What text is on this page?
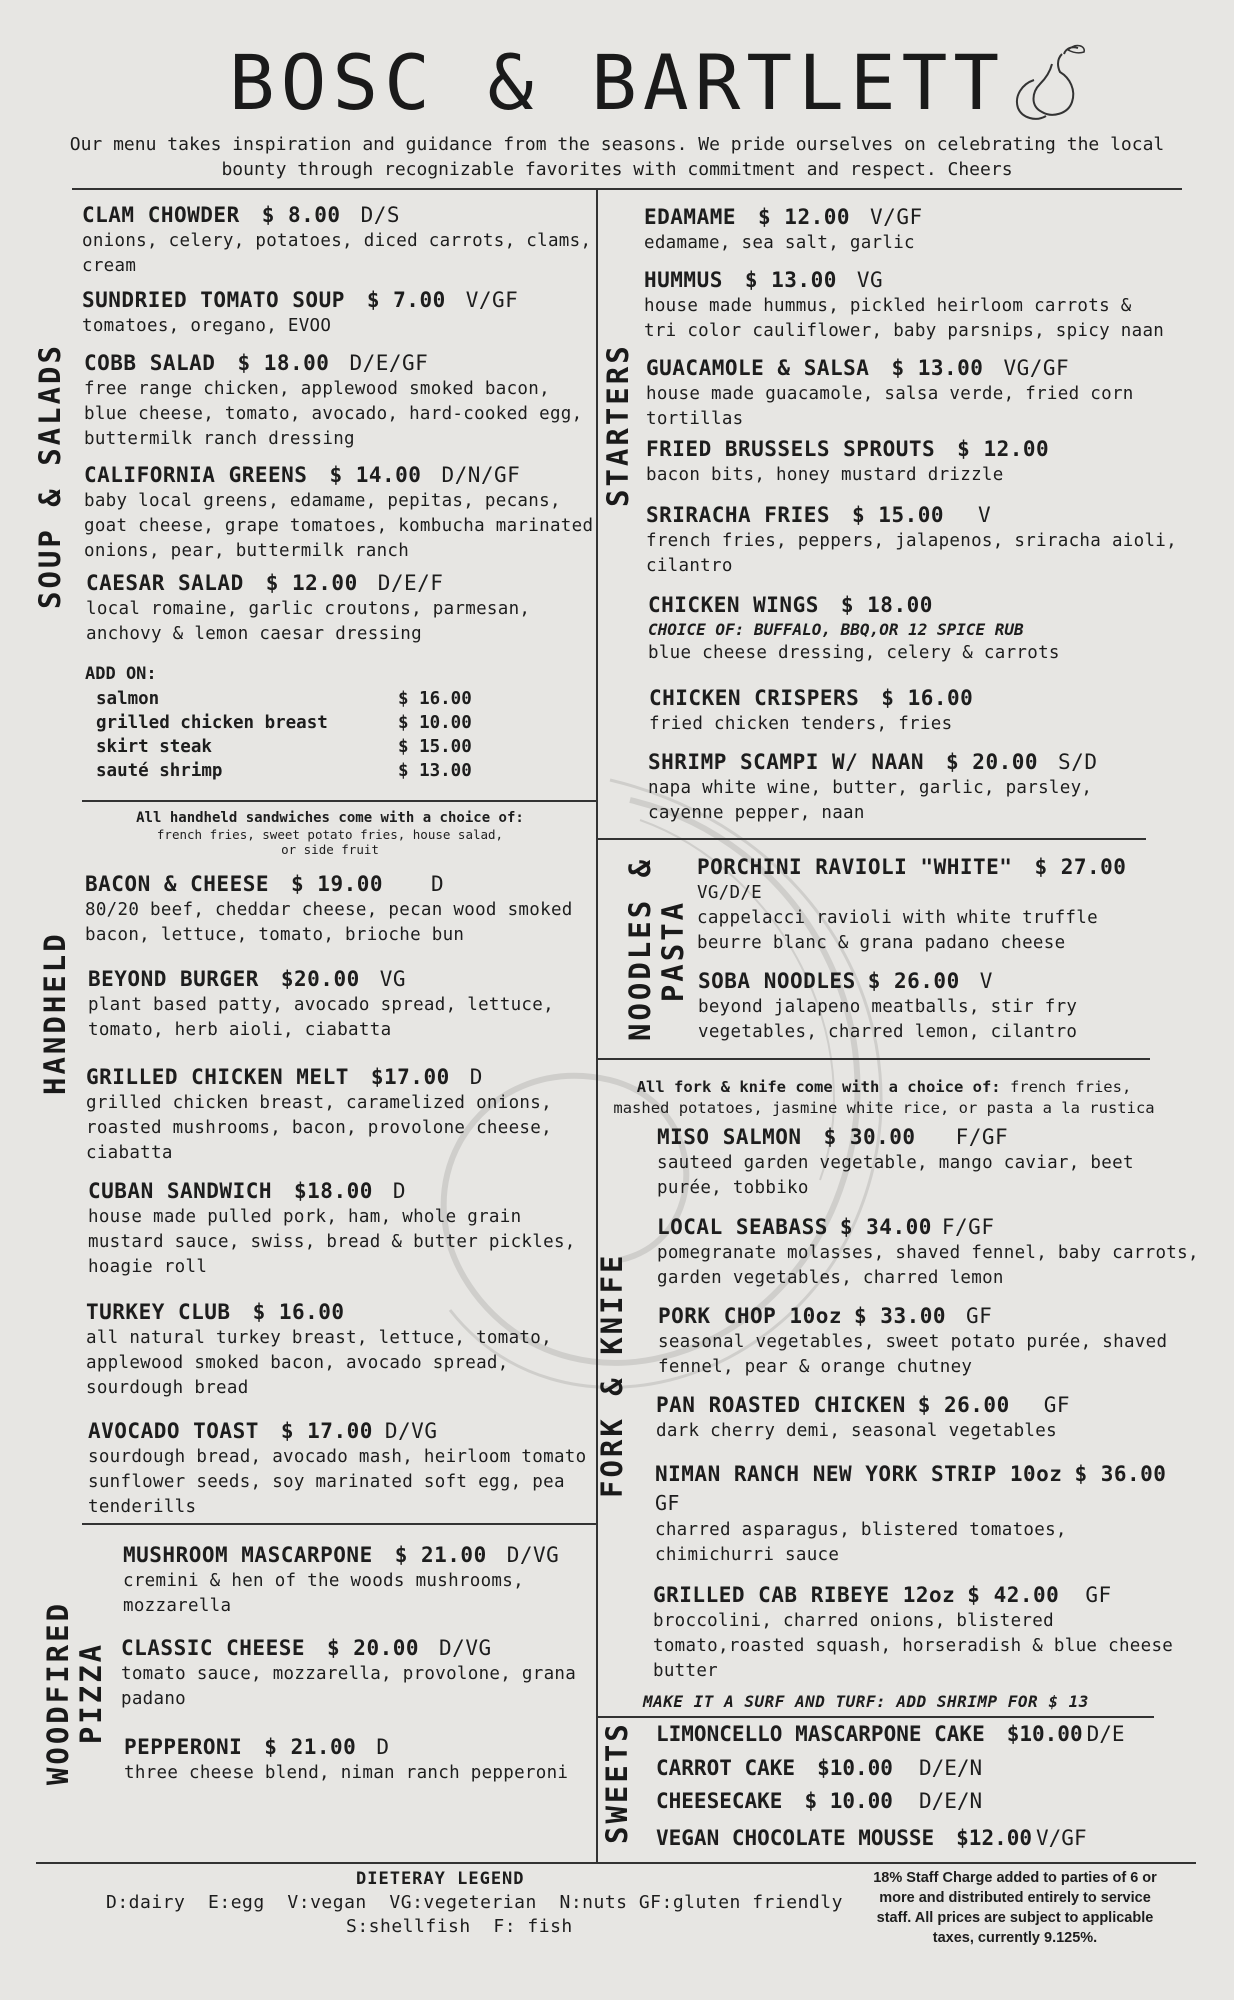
BOSC & BARTLETT
Our menu takes inspiration and guidance from the seasons. We pride ourselves on celebrating the local bounty through recognizable favorites with commitment and respect. Cheers
SOUP & SALADS	STARTERS
HANDHELD	NOODLES &
PASTA
FORK & KNIFE
WOODFIRED
PIZZA
SWEETS
CLAM CHOWDER $ 8.00 D/S
onions, celery, potatoes, diced carrots, clams,
cream
SUNDRIED TOMATO SOUP $ 7.00 V/GF
tomatoes, oregano, EVOO
COBB SALAD $ 18.00 D/E/GF
free range chicken, applewood smoked bacon,
blue cheese, tomato, avocado, hard-cooked egg,
buttermilk ranch dressing
CALIFORNIA GREENS $ 14.00 D/N/GF
baby local greens, edamame, pepitas, pecans,
goat cheese, grape tomatoes, kombucha marinated
onions, pear, buttermilk ranch
CAESAR SALAD $ 12.00 D/E/F
local romaine, garlic croutons, parmesan,
anchovy & lemon caesar dressing
ADD ON:
salmon	$ 16.00
grilled chicken breast	$ 10.00
skirt steak	$ 15.00
sauté shrimp	$ 13.00
All handheld sandwiches come with a choice of:
french fries, sweet potato fries, house salad,
or side fruit
BACON & CHEESE $ 19.00 D
80/20 beef, cheddar cheese, pecan wood smoked
bacon, lettuce, tomato, brioche bun
BEYOND BURGER $20.00 VG
plant based patty, avocado spread, lettuce,
tomato, herb aioli, ciabatta
GRILLED CHICKEN MELT $17.00 D
grilled chicken breast, caramelized onions,
roasted mushrooms, bacon, provolone cheese,
ciabatta
CUBAN SANDWICH $18.00 D
house made pulled pork, ham, whole grain
mustard sauce, swiss, bread & butter pickles,
hoagie roll
TURKEY CLUB $ 16.00
all natural turkey breast, lettuce, tomato,
applewood smoked bacon, avocado spread,
sourdough bread
AVOCADO TOAST $ 17.00 D/VG
sourdough bread, avocado mash, heirloom tomato
sunflower seeds, soy marinated soft egg, pea
tenderills
MUSHROOM MASCARPONE $ 21.00 D/VG
cremini & hen of the woods mushrooms,
mozzarella
CLASSIC CHEESE $ 20.00 D/VG
tomato sauce, mozzarella, provolone, grana
padano
PEPPERONI $ 21.00 D
three cheese blend, niman ranch pepperoni
EDAMAME $ 12.00 V/GF
edamame, sea salt, garlic
HUMMUS $ 13.00 VG
house made hummus, pickled heirloom carrots &
tri color cauliflower, baby parsnips, spicy naan
GUACAMOLE & SALSA $ 13.00 VG/GF
house made guacamole, salsa verde, fried corn
tortillas
FRIED BRUSSELS SPROUTS $ 12.00
bacon bits, honey mustard drizzle
SRIRACHA FRIES $ 15.00 V
french fries, peppers, jalapenos, sriracha aioli,
cilantro
CHICKEN WINGS $ 18.00
CHOICE OF: BUFFALO, BBQ,OR 12 SPICE RUB
blue cheese dressing, celery & carrots
CHICKEN CRISPERS $ 16.00
fried chicken tenders, fries
SHRIMP SCAMPI W/ NAAN $ 20.00 S/D
napa white wine, butter, garlic, parsley,
cayenne pepper, naan
PORCHINI RAVIOLI "WHITE" $ 27.00
VG/D/E
cappelacci ravioli with white truffle
beurre blanc & grana padano cheese
SOBA NOODLES $ 26.00 V
beyond jalapeno meatballs, stir fry
vegetables, charred lemon, cilantro
All fork & knife come with a choice of: french fries,
mashed potatoes, jasmine white rice, or pasta a la rustica
MISO SALMON $ 30.00 F/GF
sauteed garden vegetable, mango caviar, beet
purée, tobbiko
LOCAL SEABASS $ 34.00 F/GF
pomegranate molasses, shaved fennel, baby carrots,
garden vegetables, charred lemon
PORK CHOP 10oz $ 33.00 GF
seasonal vegetables, sweet potato purée, shaved
fennel, pear & orange chutney
PAN ROASTED CHICKEN $ 26.00 GF
dark cherry demi, seasonal vegetables
NIMAN RANCH NEW YORK STRIP 10oz $ 36.00
GF
charred asparagus, blistered tomatoes,
chimichurri sauce
GRILLED CAB RIBEYE 12oz $ 42.00 GF
broccolini, charred onions, blistered
tomato,roasted squash, horseradish & blue cheese
butter
MAKE IT A SURF AND TURF: ADD SHRIMP FOR $ 13
LIMONCELLO MASCARPONE CAKE $10.00 D/E
CARROT CAKE $10.00 D/E/N
CHEESECAKE $ 10.00 D/E/N
VEGAN CHOCOLATE MOUSSE $12.00 V/GF
DIETERAY LEGEND
D:dairy  E:egg  V:vegan  VG:vegeterian  N:nuts GF:gluten friendly
S:shellfish  F: fish
18% Staff Charge added to parties of 6 or more and distributed entirely to service staff. All prices are subject to applicable taxes, currently 9.125%.
